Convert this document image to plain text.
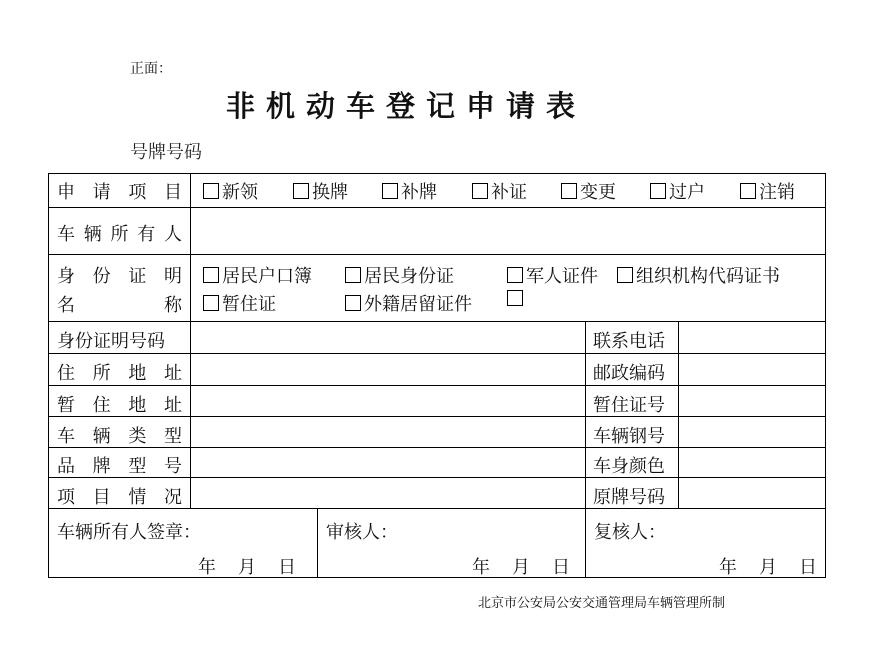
正面：
非机动车登记申请表
号牌号码
申 请 项 目 新领	换牌	补牌	补证	变更	过户	注销
车 辆 所 有 人
身 份 证 明
名	称
居民户口簿	居民身份证	军人证件 组织机构代码证书
暂住证	外籍居留证件
身份证明号码	联系电话
住 所 地 址	邮政编码
暂 住 地 址	暂住证号
车 辆 类 型	车辆钢号
品 牌 型 号	车身颜色
项 目 情 况	原牌号码
车辆所有人签章：
年 月 日
审核人：
年 月 日
复核人：
年 月 日
北京市公安局公安交通管理局车辆管理所制
